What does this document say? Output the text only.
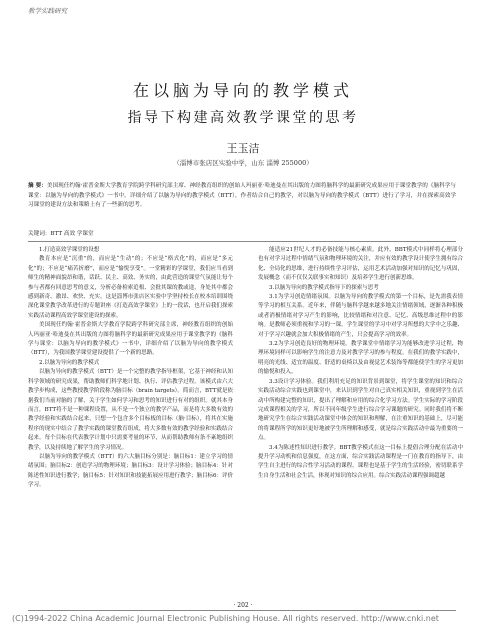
教学实践研究
在以脑为导向的教学模式
指导下构建高效教学课堂的思考
王玉洁
（淄博市张店区实验中学，山东 淄博 255000）
摘 要：美国现任约翰·霍普金斯大学教育学院跨学科研究部主席、神经教育组织的创始人玛丽亚·哈迪曼在其出版的力图将脑科学的最新研究成果应用于课堂教学的《脑科学与课堂：以脑为导向的教学模式》一书中，详细介绍了以脑为导向的教学模式（BTT），作者结合自己的教学，对以脑为导向的教学模式（BTT）进行了学习，并在探索高效学习课堂的建设方法和策略上有了一些新的思考。
关键词：BTT 高效 学课堂

1.打造高效学课堂的设想

教育本应是“沉重”的，而应是“生动”的；不应是“格式化”的，而应是“多元化”的；不应是“痛苦折磨”，而应是“愉悦享受”。一堂精彩的学课堂，我们应当看到师生的精神面貌昂和谐，话跃、民主、高效、务实的，由此营造的课堂气氛能让每个参与者都有回意思考的意义，分析必备检索追根、会批其课的教或途，身处其中都会感到新奇、激昂、欢快、充实。这是淄博市张店区实验中学坚持校长在校本培训围绕深化课堂教学改革进行的专题讲座《打造高效学课堂》上的一段话，也开启我们探索实践活动课程高效学课堂建设的探索。

美国现任约翰·霍普金斯大学教育学院跨学科研究部主席，神经教育组织的创始人玛丽亚·哈迪曼在其出版的力图将脑科学的最新研究成果应用于课堂教学的《脑科学与课堂：以脑为导向的教学模式》一书中，详细介绍了以脑为导向的教学模式（BTT），为我国教学课堂建设提供了一个新的思路。

2.以脑为导向的教学模式

以脑为导向的教学模式（BTT）是一个完整的教学指导框架，它基于神经和认知科学领域的研究成果，帮助教师们科学地计划、执行、评估教学过程。该模式由六大教学步构成，这些教授教学阶段称为脑目标（brain targets）。简而言，BTT就是依据我们当前对脑的了解，关于学生如何学习和思考的知识进行有对的组织。就其本身而言，BTT将不是一种课程设置，从不是一个独立的教学产品，而是将大多数有效的教学经验和实践结合起来，只想一个包含多个目标板的目标（脑·目标），将其在实施程序的现实中结合了教学实践的课堂教育组成，将大多数有效的教学经验和实践结合起来。每个目标在代表教学计划中只需要考量的环节，从而帮助教师有条不紊地组织教学，以及持续地了解学生的学习情况。

以脑为导向的教学模式（BTT）的六大脑目标分别是：脑目标1：建立学习的情绪氛围；脑目标2：创造学习的物理环境；脑目标3：设计学习体验；脑目标4：针对陈述性知识进行教学；脑目标5：针对知识和技能拓展应用进行教学；脑目标6：评价学习。

能适应21世纪人才的必备技能与核心素质。此外，BBT模式中同样将心理部分也有对学习过程中情绪气氛和物理环境的关注，并应有效的教学设计使学生拥有综合化、全局化的思维，进行持续性学习评估，运用艺术活动加强对知识的记忆与巩固，发展概念（而不仅仅关联事实和知识）及培养学生进行创新思维。

3.以脑为导向的教学模式指导下的探索与思考

3.1为学习创造情绪氛围。以脑为导向的教学模式的第一个目标，是先需我表情等学习的相互关系。近年来，伴随与脑科学越来越多地关注情绪领域，逐渐各种积极或者消极情绪对学习产生的影响，比较情绪和对注意、记忆、高级思维过程中的影响。是教师必须重视和学习的一课。学生课堂的学习中对学习所想的大学中之乐趣、对于学习兴趣就会加大积极情绪的产生，只会提高学习的效率。

3.2为学习创造良好的物理环境。教学课堂中情绪学习为能够改进学习过程，物理环境同样可以影响学生的注意力及对教学学习的参与程度。在我们的教学实践中，明亮的光线、适宜的温度、舒适的桌椅以及由视觉艺术装饰等都能使学生的学习更加的愉悦和投入。

3.3设计学习体验。我们利用充足的知识背景到课堂，将学生课堂的知识和综合实践活动综合实践也到课堂中，来认识到学生对自己真实相关知识，重视到学生在活动中所构建完整的知识，提出了理解和应用的综合化学习方法。学生实际的学习阶段完成课程相关的学习，所以不同年级学生进行综合学习课题的研究。同时我们将不断地研究学生在综合实践活动课堂中体会的知识和理解，在注重知识的基础上，尽可能的将课程所学的知识更好地被学生所理解和感受，就是综合实践活动中最为重要的一点。

3.4为陈述性知识进行教学。BBT教学模式在这一目标上提倡合理分配在活动中提升学习动机和信息强度，在这方面，综合实践活动课程是一门在教育的指导下，由学生自主进行的综合性学习活动的课程。课程也是基于学生的生活经验，密切联系学生自身生活和社会生活，体现对知识的综合应用。综合实践活动课程强调超越

· 202 ·
(C)1994-2022 China Academic Journal Electronic Publishing House. All rights reserved. http://www.cnki.net
